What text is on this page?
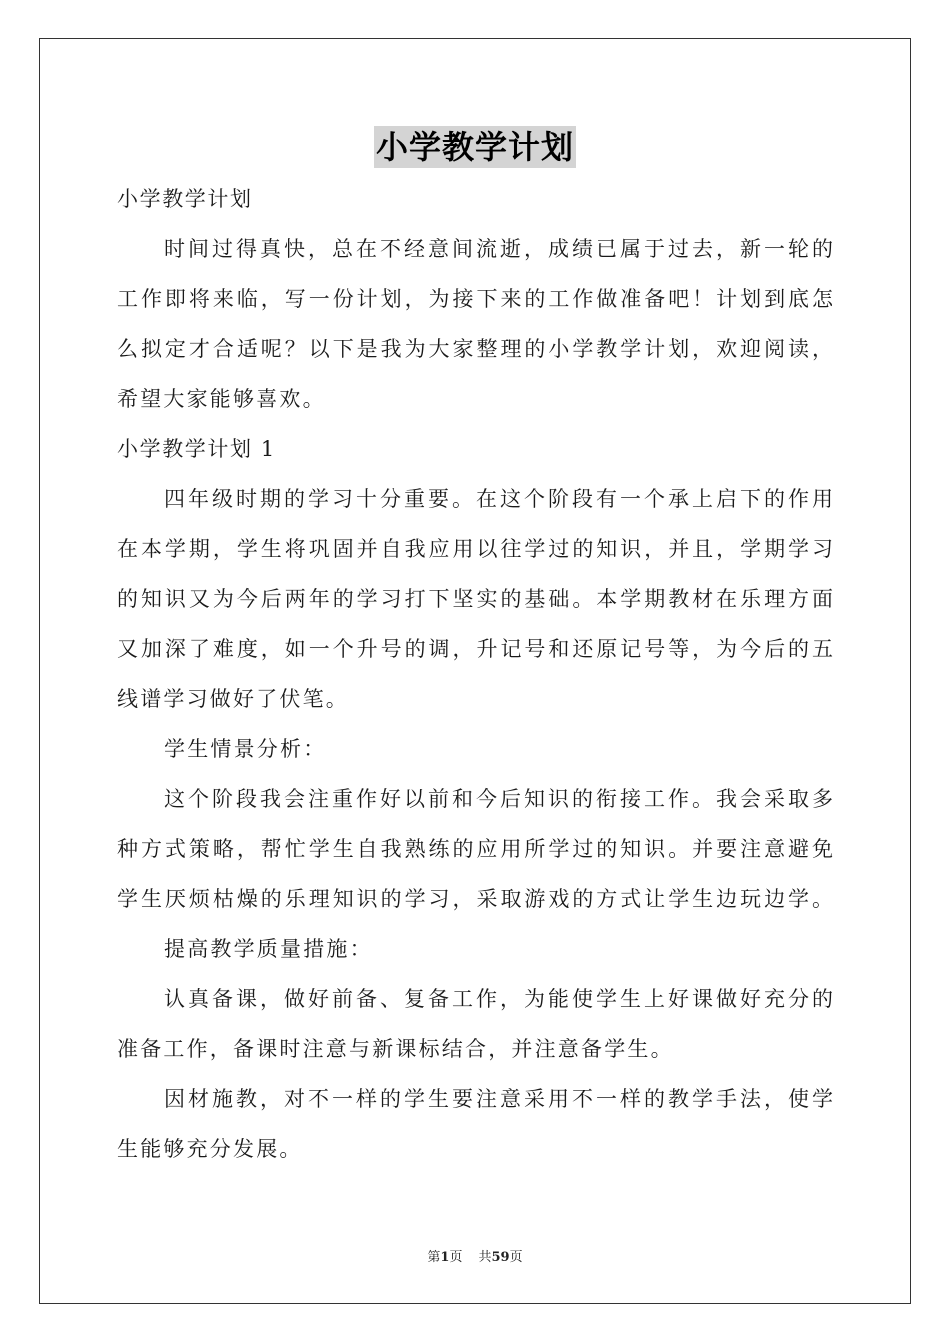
小学教学计划
小学教学计划
时间过得真快，总在不经意间流逝，成绩已属于过去，新一轮的
工作即将来临，写一份计划，为接下来的工作做准备吧！计划到底怎
么拟定才合适呢？以下是我为大家整理的小学教学计划，欢迎阅读，
希望大家能够喜欢。
小学教学计划 1
四年级时期的学习十分重要。在这个阶段有一个承上启下的作用
在本学期，学生将巩固并自我应用以往学过的知识，并且，学期学习
的知识又为今后两年的学习打下坚实的基础。本学期教材在乐理方面
又加深了难度，如一个升号的调，升记号和还原记号等，为今后的五
线谱学习做好了伏笔。
学生情景分析：
这个阶段我会注重作好以前和今后知识的衔接工作。我会采取多
种方式策略，帮忙学生自我熟练的应用所学过的知识。并要注意避免
学生厌烦枯燥的乐理知识的学习，采取游戏的方式让学生边玩边学。
提高教学质量措施：
认真备课，做好前备、复备工作，为能使学生上好课做好充分的
准备工作，备课时注意与新课标结合，并注意备学生。
因材施教，对不一样的学生要注意采用不一样的教学手法，使学
生能够充分发展。
第1页 共59页
